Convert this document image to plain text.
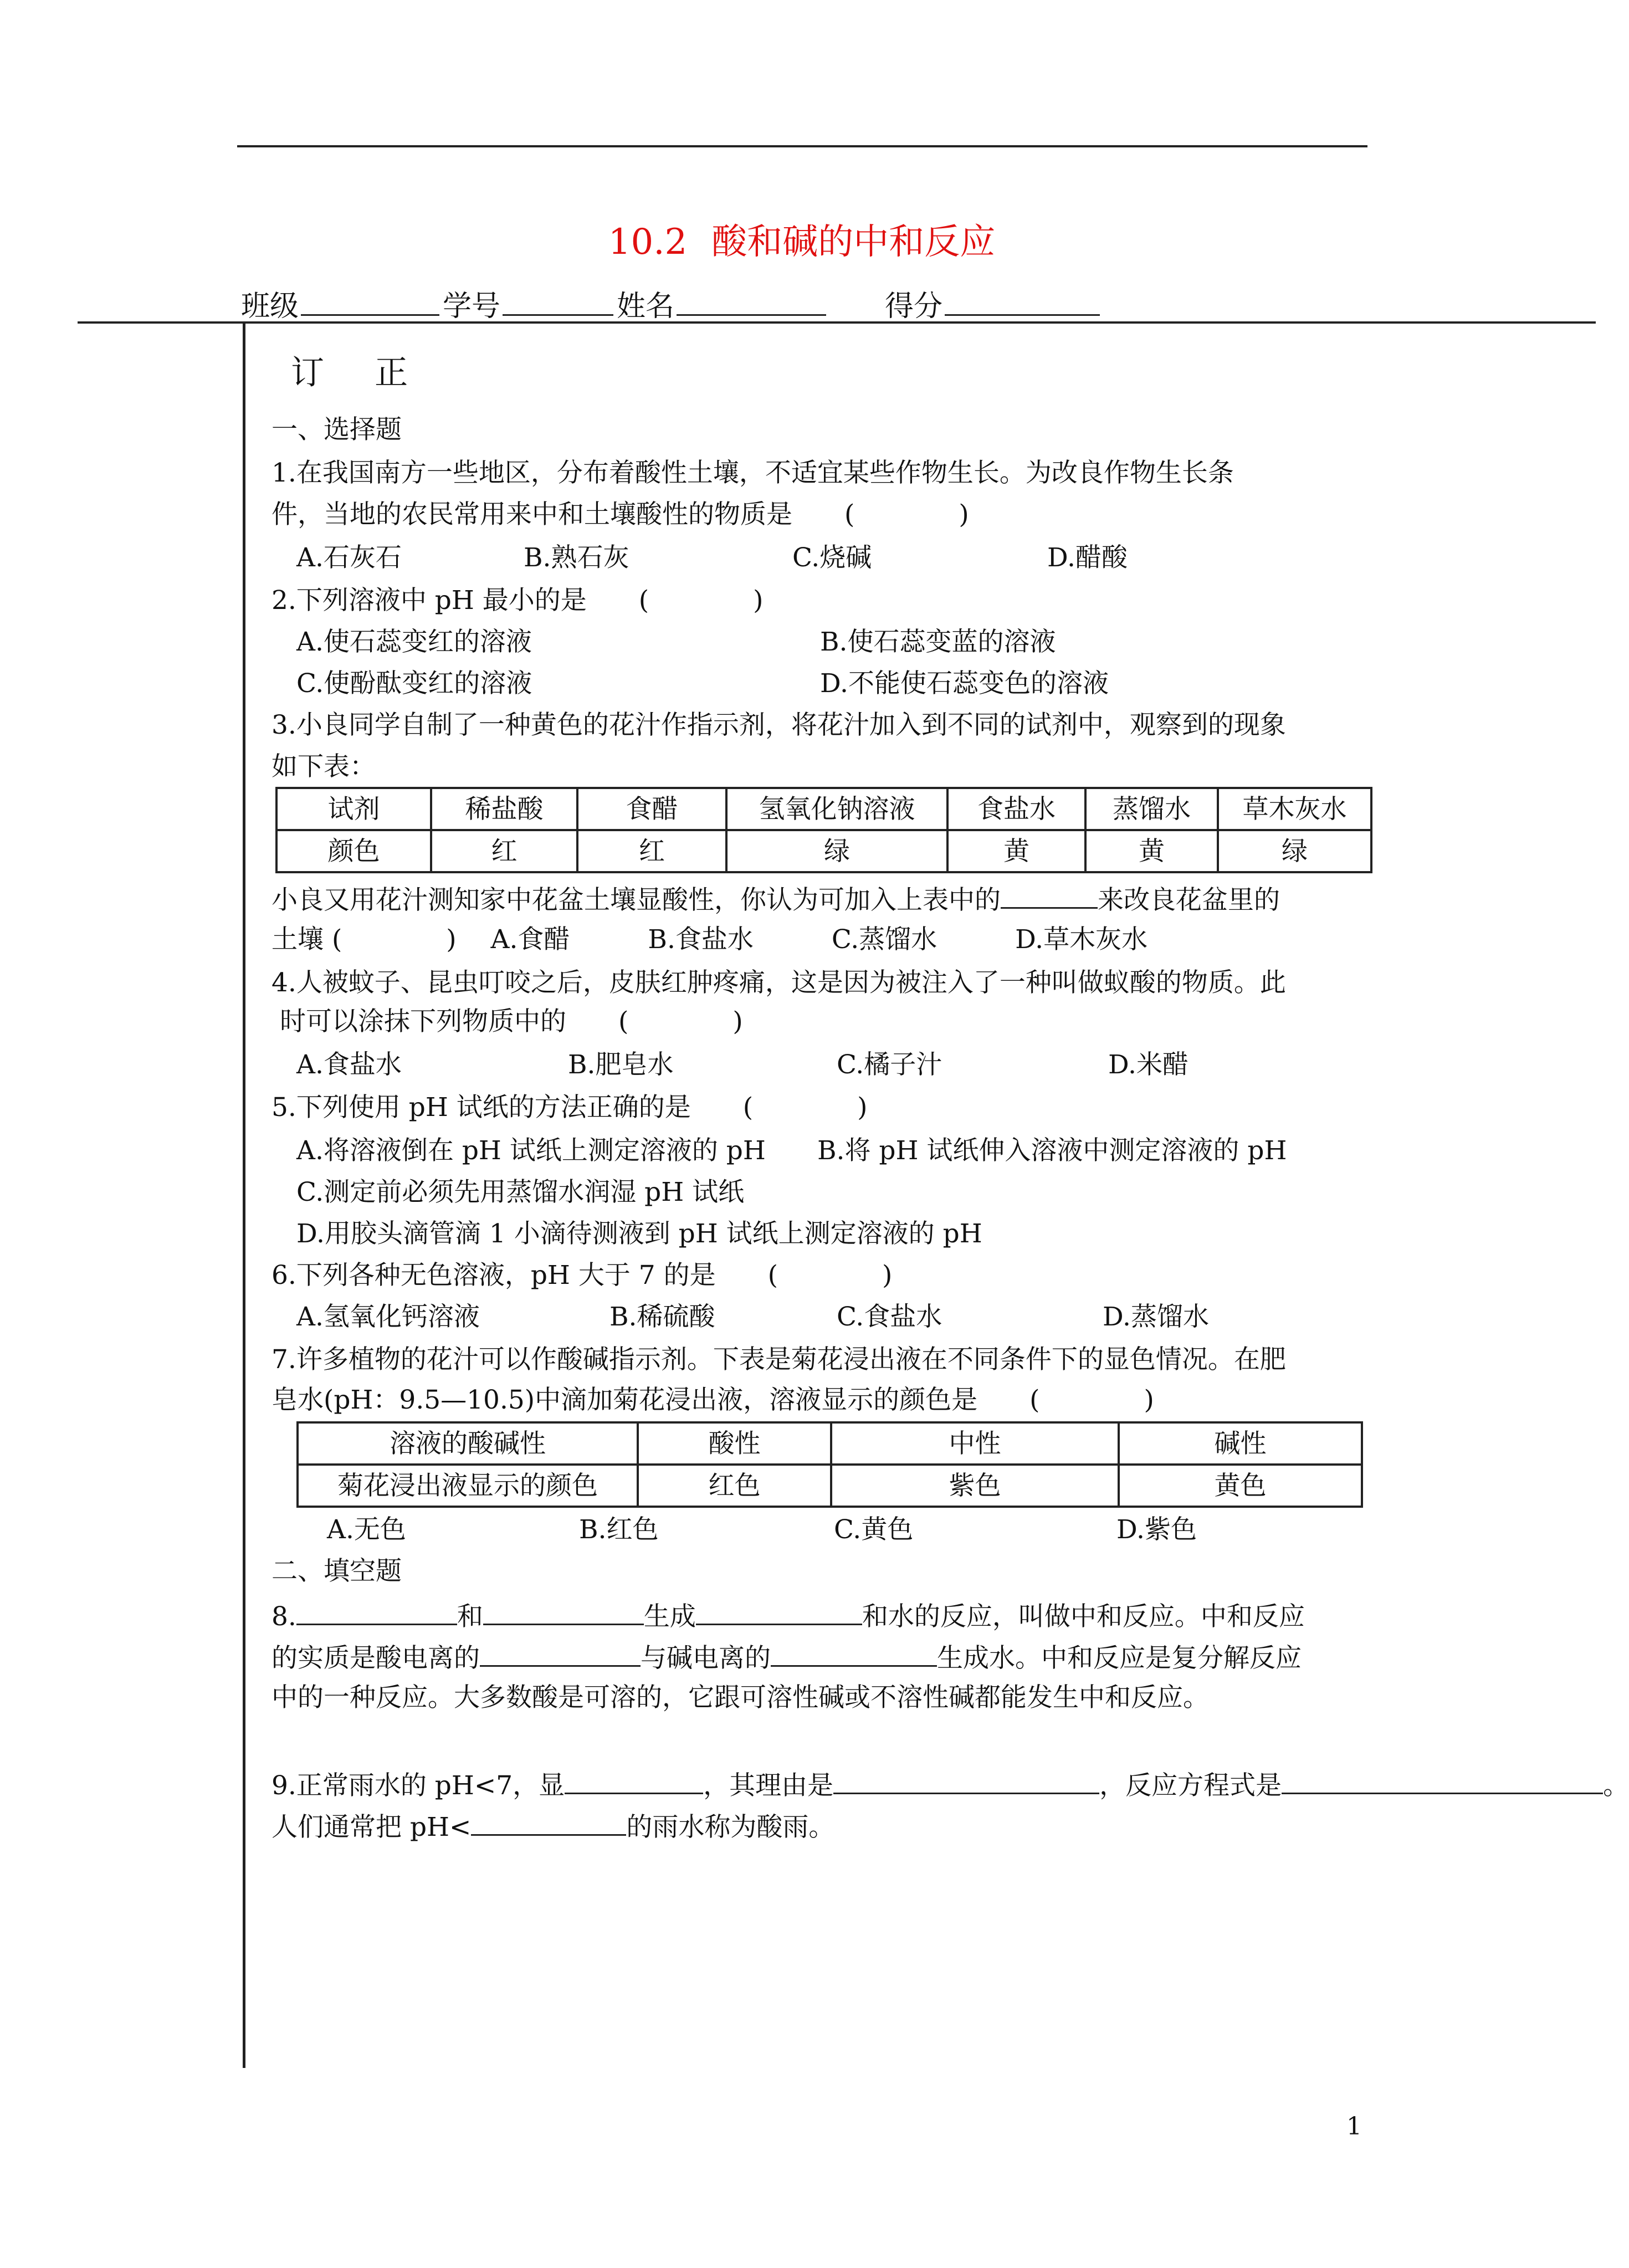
10.2 酸和碱的中和反应
班级	学号	姓名	得分
订 正
一、选择题
1.在我国南方一些地区，分布着酸性土壤，不适宜某些作物生长。为改良作物生长条
件，当地的农民常用来中和土壤酸性的物质是　　(　　　　)
A.石灰石	B.熟石灰	C.烧碱	D.醋酸
2.下列溶液中 pH 最小的是　　(　　　　)
A.使石蕊变红的溶液	B.使石蕊变蓝的溶液
C.使酚酞变红的溶液	D.不能使石蕊变色的溶液
3.小良同学自制了一种黄色的花汁作指示剂，将花汁加入到不同的试剂中，观察到的现象
如下表：
试剂	稀盐酸	食醋	氢氧化钠溶液	食盐水	蒸馏水	草木灰水
颜色	红	红	绿	黄	黄	绿
小良又用花汁测知家中花盆土壤显酸性，你认为可加入上表中的	来改良花盆里的
土壤 (　　　　)　 A.食醋　　　B.食盐水　　　C.蒸馏水　　　D.草木灰水
4.人被蚊子、昆虫叮咬之后，皮肤红肿疼痛，这是因为被注入了一种叫做蚁酸的物质。此
时可以涂抹下列物质中的　　(　　　　)
A.食盐水	B.肥皂水	C.橘子汁	D.米醋
5.下列使用 pH 试纸的方法正确的是　　(　　　　)
A.将溶液倒在 pH 试纸上测定溶液的 pH B.将 pH 试纸伸入溶液中测定溶液的 pH
C.测定前必须先用蒸馏水润湿 pH 试纸
D.用胶头滴管滴 1 小滴待测液到 pH 试纸上测定溶液的 pH
6.下列各种无色溶液，pH 大于 7 的是　　(　　　　)
A.氢氧化钙溶液	B.稀硫酸	C.食盐水	D.蒸馏水
7.许多植物的花汁可以作酸碱指示剂。下表是菊花浸出液在不同条件下的显色情况。在肥
皂水(pH：9.5—10.5)中滴加菊花浸出液，溶液显示的颜色是　　(　　　　)
溶液的酸碱性	酸性	中性	碱性
菊花浸出液显示的颜色	红色	紫色	黄色
A.无色	B.红色	C.黄色	D.紫色
二、填空题
8.	和	生成	和水的反应，叫做中和反应。中和反应
的实质是酸电离的	与碱电离的	生成水。中和反应是复分解反应
中的一种反应。大多数酸是可溶的，它跟可溶性碱或不溶性碱都能发生中和反应。
9.正常雨水的 pH<7，显	，其理由是	，反应方程式是	。
人们通常把 pH<	的雨水称为酸雨。
1
